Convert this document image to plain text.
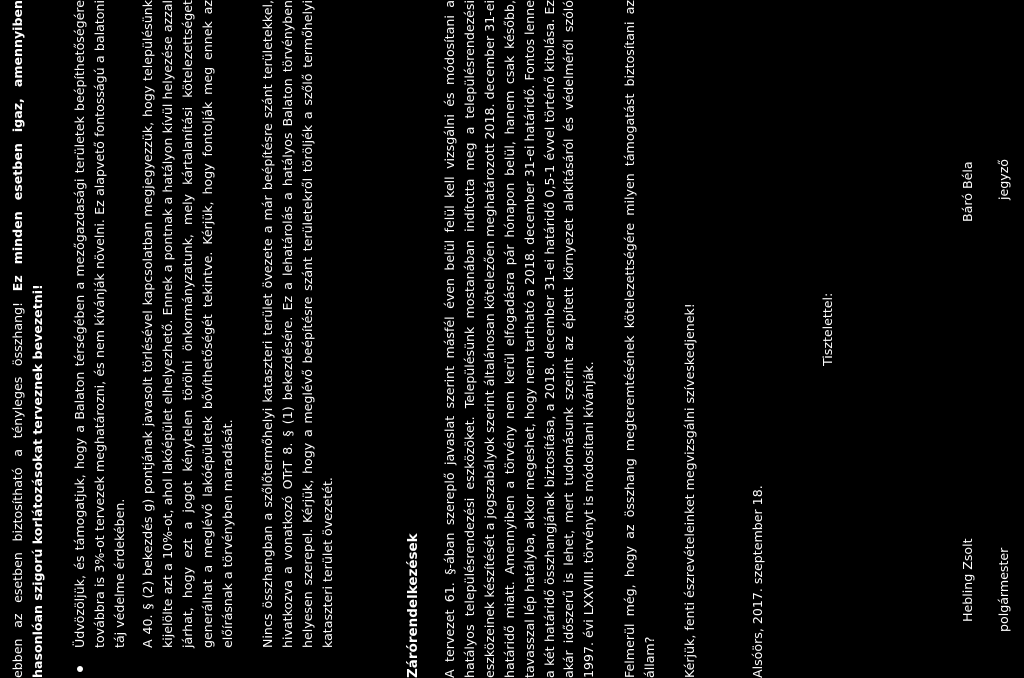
ebben az esetben biztosítható a tényleges összhang! Ez minden esetben igaz, amennyiben hasonlóan szigorú korlátozásokat terveznek bevezetni! Üdvözöljük, és támogatjuk, hogy a Balaton térségében a mezőgazdasági területek beépíthetőségére továbbra is 3%-ot tervezek meghatározni, és nem kívánják növelni. Ez alapvető fontosságú a balatoni táj védelme érdekében. A 40. § (2) bekezdés g) pontjának javasolt törlésével kapcsolatban megjegyezzük, hogy településünk kijelölte azt a 10%-ot, ahol lakóépület elhelyezhető. Ennek a pontnak a hatályon kívül helyezése azzal járhat, hogy ezt a jogot kénytelen törölni önkormányzatunk, mely kártalanítási kötelezettséget generálhat a meglévő lakóépületek bővíthetőségét tekintve. Kérjük, hogy fontolják meg ennek az előírásnak a törvényben maradását. Nincs összhangban a szőlőtermőhelyi kataszteri terület övezete a már beépítésre szánt területekkel, hivatkozva a vonatkozó OTrT 8. § (1) bekezdésére. Ez a lehatárolás a hatályos Balaton törvényben helyesen szerepel. Kérjük, hogy a meglévő beépítésre szánt területekről töröljék a szőlő termőhelyi kataszteri terület övezetét.	Zárórendelkezések A tervezet 61. §-ában szereplő javaslat szerint másfél éven belül felül kell vizsgálni és módosítani a hatályos településrendezési eszközöket. Településünk mostanában indította meg a településrendezési eszközeinek készítését a jogszabályok szerint általánosan kötelezően meghatározott 2018. december 31-ei határidő miatt. Amennyiben a törvény nem kerül elfogadásra pár hónapon belül, hanem csak később, tavasszal lép hatályba, akkor megeshet, hogy nem tartható a 2018. december 31-ei határidő. Fontos lenne a két határidő összhangjának biztosítása, a 2018. december 31-ei határidő 0,5-1 évvel történő kitolása. Ez akár időszerű is lehet, mert tudomásunk szerint az épített környezet alakításáról és védelméről szóló 1997. évi LXXVIII. törvényt is módosítani kívánják. Felmerül még, hogy az összhang megteremtésének kötelezettségére milyen támogatást biztosítani az állam? Kérjük, fenti észrevételeinket megvizsgálni szíveskedjenek!	Alsóörs, 2017. szeptember 18.
Tisztelettel:
Hebling Zsolt polgármester
Báró Béla jegyző
